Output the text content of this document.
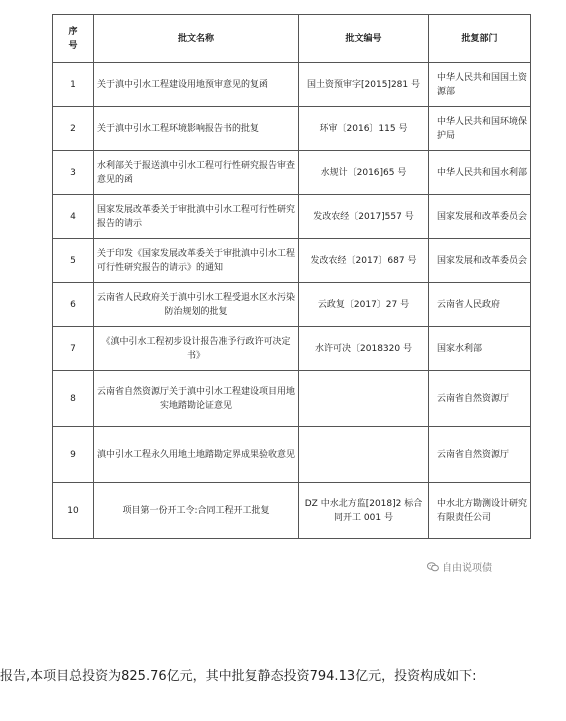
序
号	批文名称	批文编号	批复部门
1	关于滇中引水工程建设用地预审意见的复函	国土资预审字[2015]281 号	中华人民共和国国土资源部
2	关于滇中引水工程环境影响报告书的批复	环审〔2016〕115 号	中华人民共和国环境保护局
3	水利部关于报送滇中引水工程可行性研究报告审查意见的函	水规计〔2016]65 号	中华人民共和国水利部
4	国家发展改革委关于审批滇中引水工程可行性研究报告的请示	发改农经〔2017]557 号	国家发展和改革委员会
5	关于印发《国家发展改革委关于审批滇中引水工程可行性研究报告的请示》的通知	发改农经〔2017〕687 号	国家发展和改革委员会
6	云南省人民政府关于滇中引水工程受退水区水污染防治规划的批复	云政复〔2017〕27 号	云南省人民政府
7	《滇中引水工程初步设计报告准予行政许可决定书》	水许可决〔2018320 号	国家水利部
8	云南省自然资源厅关于滇中引水工程建设项目用地实地踏勘论证意见		云南省自然资源厅
9	滇中引水工程永久用地土地踏勘定界成果验收意见		云南省自然资源厅
10	项目第一份开工令:合同工程开工批复	DZ 中水北方监[2018]2 标合同开工 001 号	中水北方勘测设计研究有限责任公司
自由说项债
报告,本项目总投资为825.76亿元，其中批复静态投资794.13亿元，投资构成如下:
